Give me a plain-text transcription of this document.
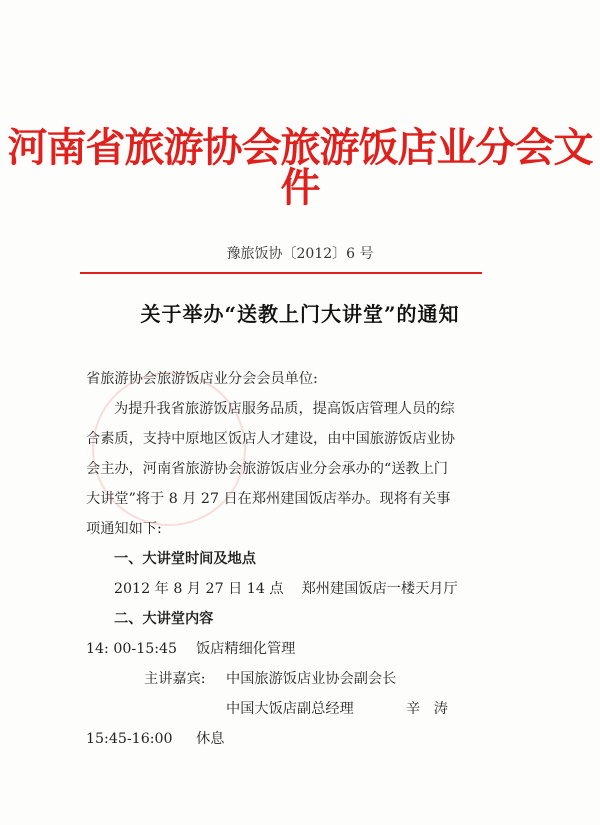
河南省旅游协会旅游饭店业分会文件
豫旅饭协〔2012〕6 号
关于举办“送教上门大讲堂”的通知
省旅游协会旅游饭店业分会会员单位:
为提升我省旅游饭店服务品质，提高饭店管理人员的综
合素质，支持中原地区饭店人才建设，由中国旅游饭店业协
会主办，河南省旅游协会旅游饭店业分会承办的“送教上门
大讲堂”将于 8 月 27 日在郑州建国饭店举办。现将有关事
项通知如下:
一、大讲堂时间及地点
2012 年 8 月 27 日 14 点    郑州建国饭店一楼天月厅
二、大讲堂内容
14: 00-15:45	饭店精细化管理
主讲嘉宾:	中国旅游饭店业协会副会长
中国大饭店副总经理	辛   涛
15:45-16:00	休息
